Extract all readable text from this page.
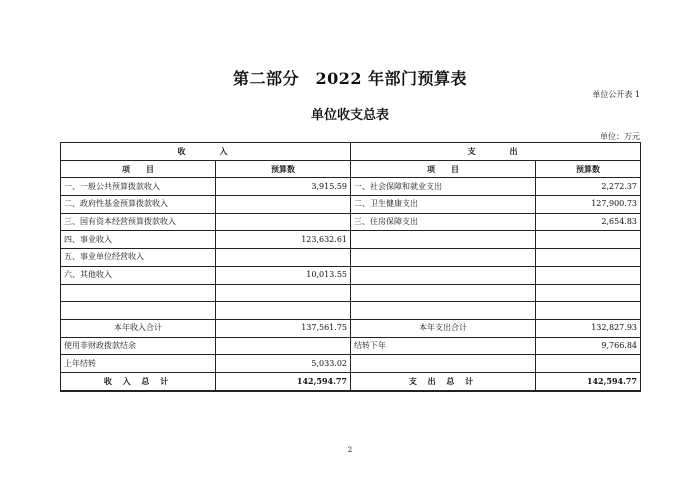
第二部分　2022 年部门预算表
单位公开表 1
单位收支总表
单位：万元
收　　入		支　　出	
项　　目	预算数	项　　目	预算数
一、一般公共预算拨款收入	3,915.59	一、社会保障和就业支出	2,272.37
二、政府性基金预算拨款收入		二、卫生健康支出	127,900.73
三、国有资本经营预算拨款收入		三、住房保障支出	2,654.83
四、事业收入	123,632.61		
五、事业单位经营收入			
六、其他收入	10,013.55		

本年收入合计	137,561.75	本年支出合计	132,827.93
使用非财政拨款结余		结转下年	9,766.84
上年结转	5,033.02		
收 入 总 计	142,594.77	支 出 总 计	142,594.77
2
